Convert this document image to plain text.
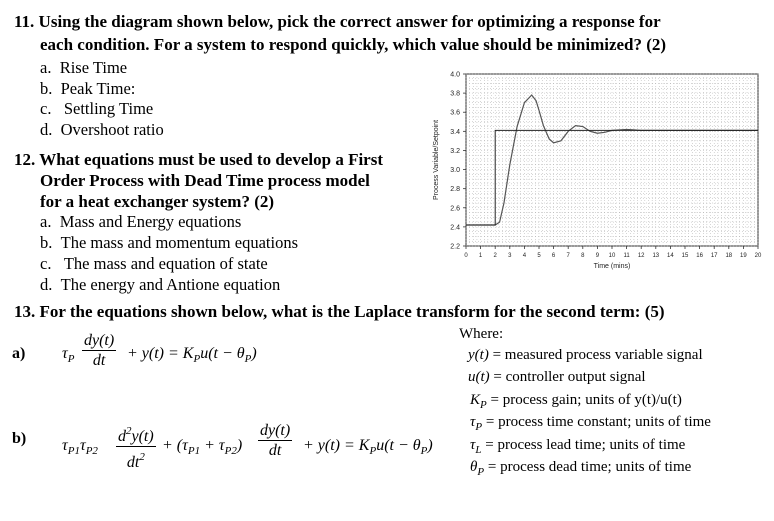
11. Using the diagram shown below, pick the correct answer for optimizing a response for
each condition. For a system to respond quickly, which value should be minimized? (2)
a. Rise Time
b. Peak Time:
c. Settling Time
d. Overshoot ratio
12. What equations must be used to develop a First
Order Process with Dead Time process model
for a heat exchanger system? (2)
a. Mass and Energy equations
b. The mass and momentum equations
c. The mass and equation of state
d. The energy and Antione equation
0 1 2 3 4 5 6 7 8 9 10 11 12 13 14 15 16 17 18 19 20
2.2
2.4
2.6
2.8
3.0
3.2
3.4
3.6
3.8
4.0
Time (mins)
Process Variable/Setpoint
13. For the equations shown below, what is the Laplace transform for the second term: (5)
a) $\tau_P \frac{dy(t)}{dt} + y(t) = K_Pu(t - \theta_P)$
b) $\tau_{P1}\tau_{P2} \frac{d^2y(t)}{dt^2} + (\tau_{P1} + \tau_{P2}) \frac{dy(t)}{dt} + y(t) = K_Pu(t - \theta_P)$
Where:
y(t) = measured process variable signal
u(t) = controller output signal
$K_P$ = process gain; units of y(t)/u(t)
$\tau_P$ = process time constant; units of time
$\tau_L$ = process lead time; units of time
$\theta_P$ = process dead time; units of time
